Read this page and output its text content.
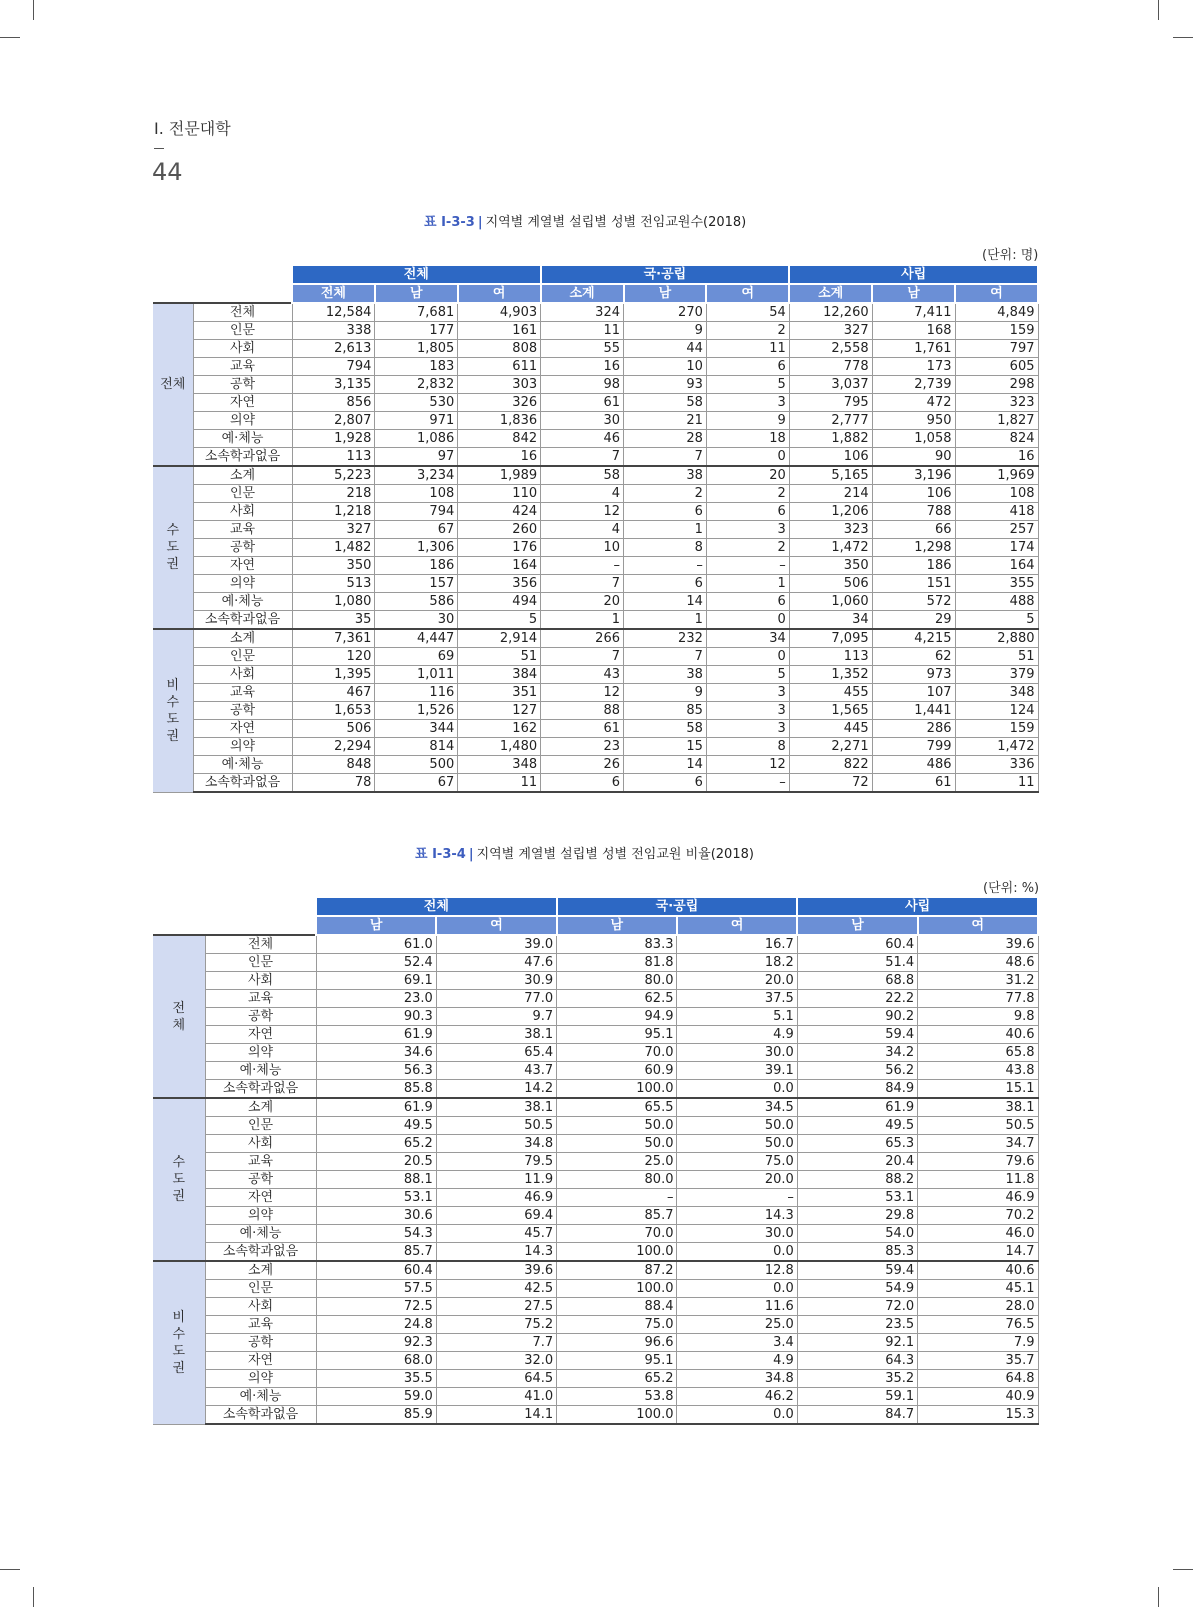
Ⅰ. 전문대학
44
표 Ⅰ-3-3 | 지역별 계열별 설립별 성별 전임교원수(2018)
(단위: 명)
		전체			국·공립			사립		
		전체	남	여	소계	남	여	소계	남	여
전체	전체	12,584	7,681	4,903	324	270	54	12,260	7,411	4,849
	인문	338	177	161	11	9	2	327	168	159
	사회	2,613	1,805	808	55	44	11	2,558	1,761	797
	교육	794	183	611	16	10	6	778	173	605
	공학	3,135	2,832	303	98	93	5	3,037	2,739	298
	자연	856	530	326	61	58	3	795	472	323
	의약	2,807	971	1,836	30	21	9	2,777	950	1,827
	예·체능	1,928	1,086	842	46	28	18	1,882	1,058	824
	소속학과없음	113	97	16	7	7	0	106	90	16

수
도
권	소계	5,223	3,234	1,989	58	38	20	5,165	3,196	1,969
	인문	218	108	110	4	2	2	214	106	108
	사회	1,218	794	424	12	6	6	1,206	788	418
	교육	327	67	260	4	1	3	323	66	257
	공학	1,482	1,306	176	10	8	2	1,472	1,298	174
	자연	350	186	164	–	–	–	350	186	164
	의약	513	157	356	7	6	1	506	151	355
	예·체능	1,080	586	494	20	14	6	1,060	572	488
	소속학과없음	35	30	5	1	1	0	34	29	5

비
수
도
권	소계	7,361	4,447	2,914	266	232	34	7,095	4,215	2,880
	인문	120	69	51	7	7	0	113	62	51
	사회	1,395	1,011	384	43	38	5	1,352	973	379
	교육	467	116	351	12	9	3	455	107	348
	공학	1,653	1,526	127	88	85	3	1,565	1,441	124
	자연	506	344	162	61	58	3	445	286	159
	의약	2,294	814	1,480	23	15	8	2,271	799	1,472
	예·체능	848	500	348	26	14	12	822	486	336
	소속학과없음	78	67	11	6	6	–	72	61	11
표 Ⅰ-3-4 | 지역별 계열별 설립별 성별 전임교원 비율(2018)
(단위: %)
		전체		국·공립		사립	
		남	여	남	여	남	여

전
체	전체	61.0	39.0	83.3	16.7	60.4	39.6
	인문	52.4	47.6	81.8	18.2	51.4	48.6
	사회	69.1	30.9	80.0	20.0	68.8	31.2
	교육	23.0	77.0	62.5	37.5	22.2	77.8
	공학	90.3	9.7	94.9	5.1	90.2	9.8
	자연	61.9	38.1	95.1	4.9	59.4	40.6
	의약	34.6	65.4	70.0	30.0	34.2	65.8
	예·체능	56.3	43.7	60.9	39.1	56.2	43.8
	소속학과없음	85.8	14.2	100.0	0.0	84.9	15.1

수
도
권	소계	61.9	38.1	65.5	34.5	61.9	38.1
	인문	49.5	50.5	50.0	50.0	49.5	50.5
	사회	65.2	34.8	50.0	50.0	65.3	34.7
	교육	20.5	79.5	25.0	75.0	20.4	79.6
	공학	88.1	11.9	80.0	20.0	88.2	11.8
	자연	53.1	46.9	–	–	53.1	46.9
	의약	30.6	69.4	85.7	14.3	29.8	70.2
	예·체능	54.3	45.7	70.0	30.0	54.0	46.0
	소속학과없음	85.7	14.3	100.0	0.0	85.3	14.7

비
수
도
권	소계	60.4	39.6	87.2	12.8	59.4	40.6
	인문	57.5	42.5	100.0	0.0	54.9	45.1
	사회	72.5	27.5	88.4	11.6	72.0	28.0
	교육	24.8	75.2	75.0	25.0	23.5	76.5
	공학	92.3	7.7	96.6	3.4	92.1	7.9
	자연	68.0	32.0	95.1	4.9	64.3	35.7
	의약	35.5	64.5	65.2	34.8	35.2	64.8
	예·체능	59.0	41.0	53.8	46.2	59.1	40.9
	소속학과없음	85.9	14.1	100.0	0.0	84.7	15.3
